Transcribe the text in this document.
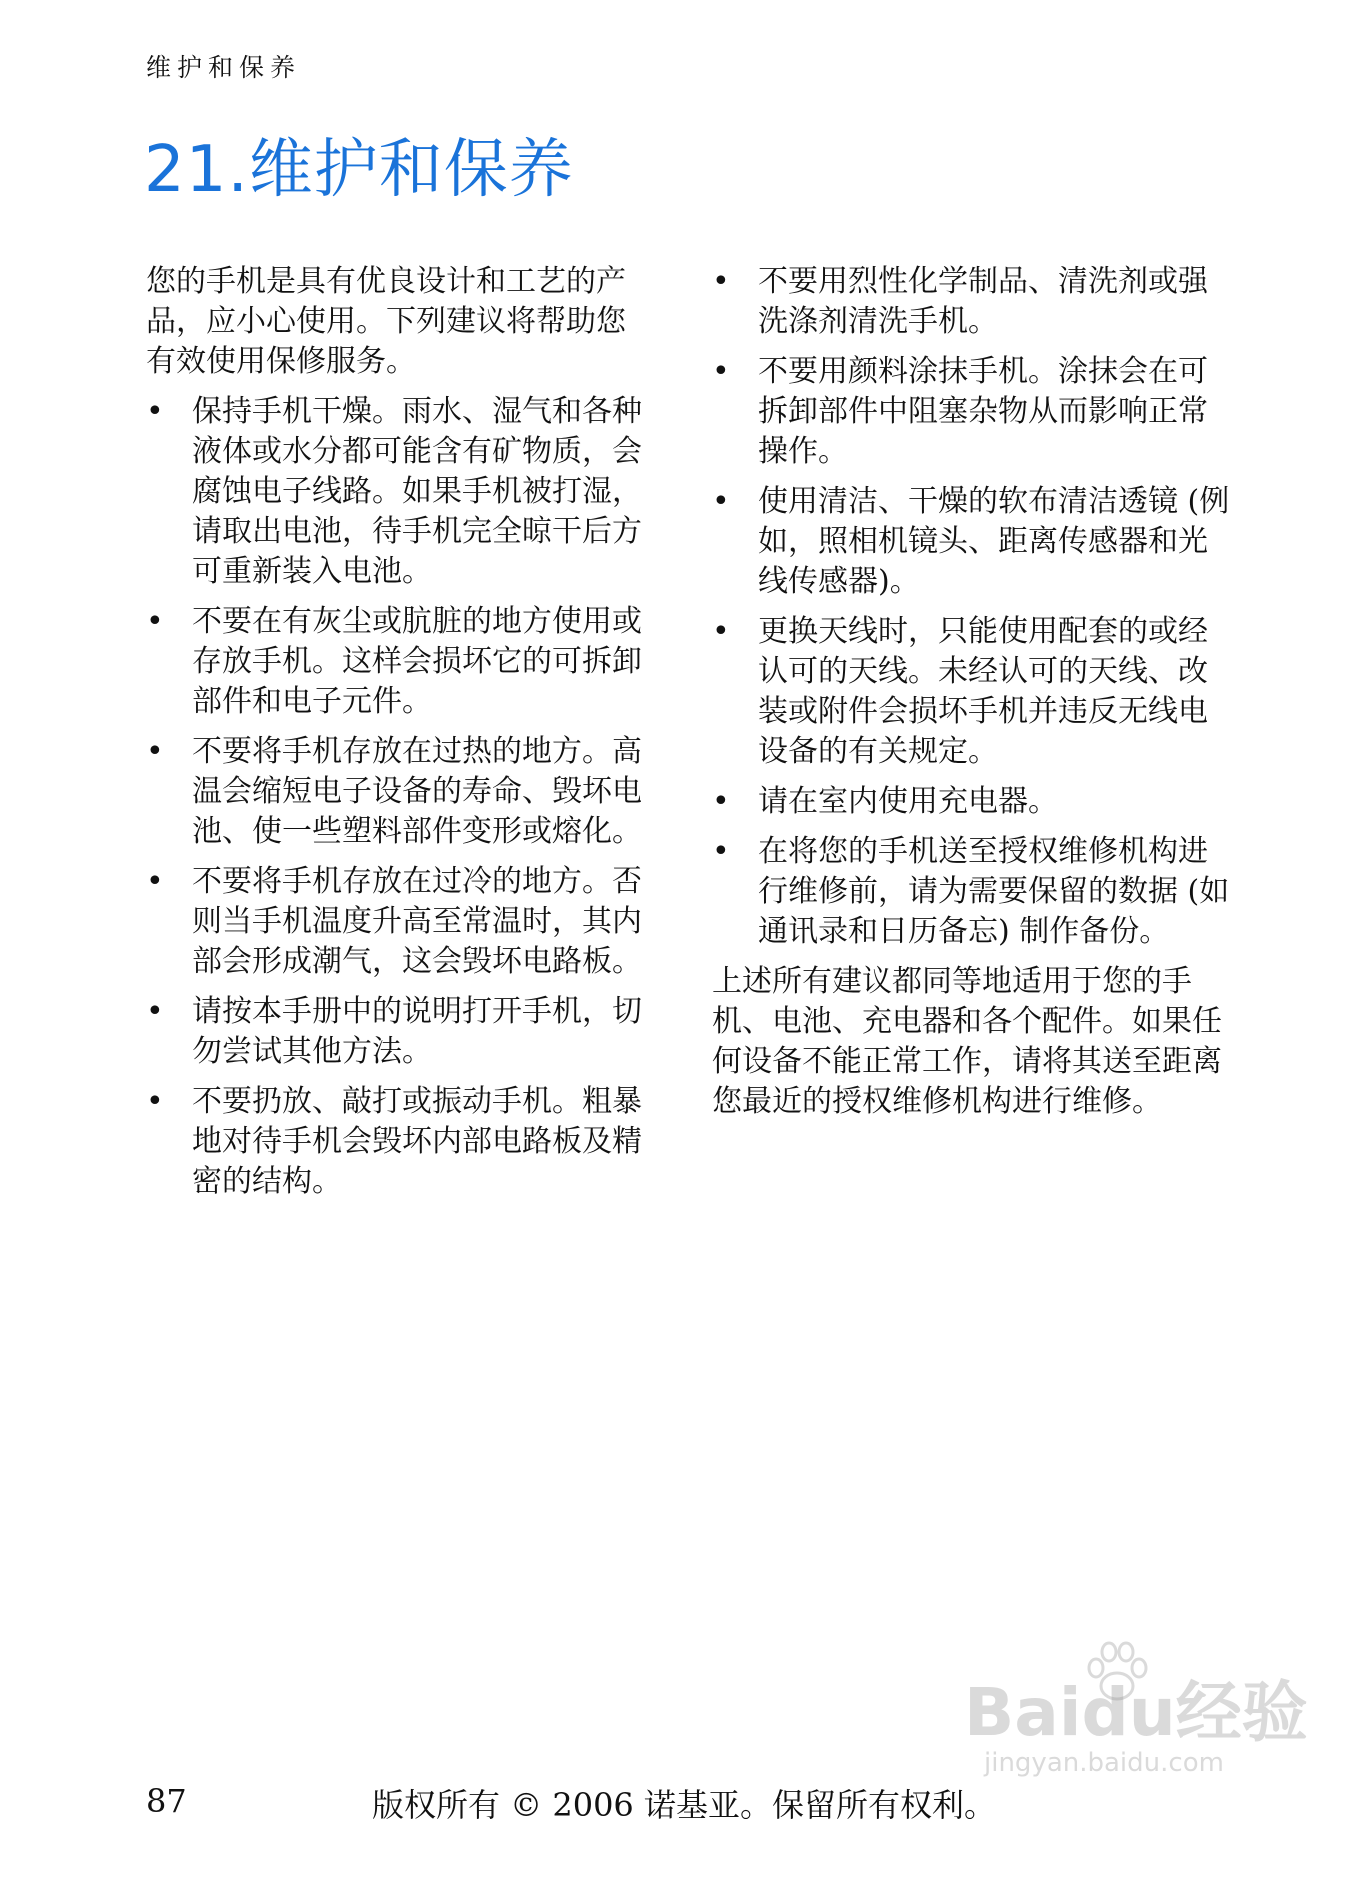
维护和保养
21.维护和保养

您的手机是具有优良设计和工艺的产品，应小心使用。下列建议将帮助您有效使用保修服务。

• 保持手机干燥。雨水、湿气和各种液体或水分都可能含有矿物质，会腐蚀电子线路。如果手机被打湿，请取出电池，待手机完全晾干后方可重新装入电池。
• 不要在有灰尘或肮脏的地方使用或存放手机。这样会损坏它的可拆卸部件和电子元件。
• 不要将手机存放在过热的地方。高温会缩短电子设备的寿命、毁坏电池、使一些塑料部件变形或熔化。
• 不要将手机存放在过冷的地方。否则当手机温度升高至常温时，其内部会形成潮气，这会毁坏电路板。
• 请按本手册中的说明打开手机，切勿尝试其他方法。
• 不要扔放、敲打或振动手机。粗暴地对待手机会毁坏内部电路板及精密的结构。
• 不要用烈性化学制品、清洗剂或强洗涤剂清洗手机。
• 不要用颜料涂抹手机。涂抹会在可拆卸部件中阻塞杂物从而影响正常操作。
• 使用清洁、干燥的软布清洁透镜 (例如，照相机镜头、距离传感器和光线传感器)。
• 更换天线时，只能使用配套的或经认可的天线。未经认可的天线、改装或附件会损坏手机并违反无线电设备的有关规定。
• 请在室内使用充电器。
• 在将您的手机送至授权维修机构进行维修前，请为需要保留的数据 (如通讯录和日历备忘) 制作备份。

上述所有建议都同等地适用于您的手机、电池、充电器和各个配件。如果任何设备不能正常工作，请将其送至距离您最近的授权维修机构进行维修。

Baidu经验
jingyan.baidu.com
87	版权所有 © 2006 诺基亚。保留所有权利。
